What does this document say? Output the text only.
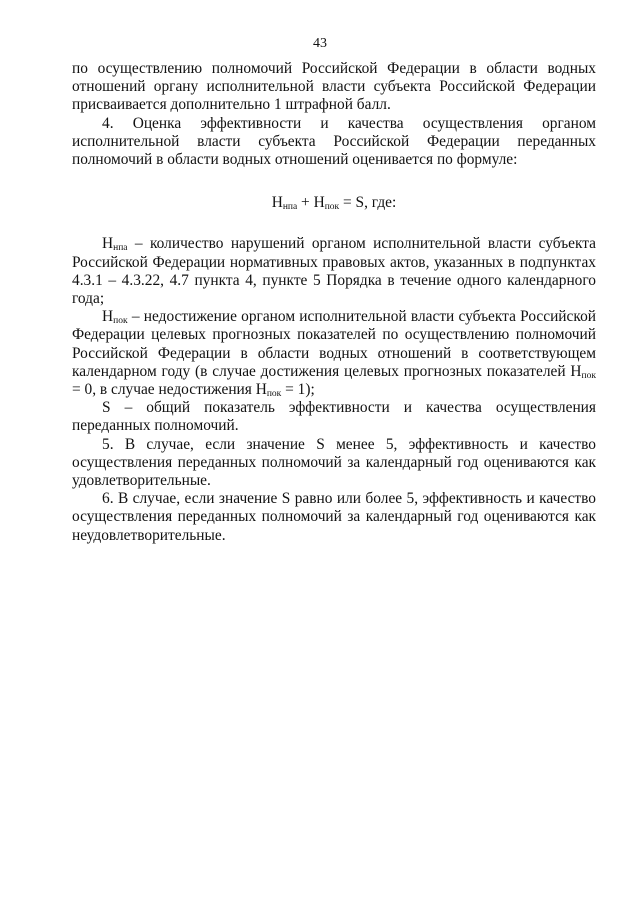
43

по осуществлению полномочий Российской Федерации в области водных отношений органу исполнительной власти субъекта Российской Федерации присваивается дополнительно 1 штрафной балл.

4. Оценка эффективности и качества осуществления органом исполнительной власти субъекта Российской Федерации переданных полномочий в области водных отношений оценивается по формуле:

$Н_{нпа} + Н_{пок} = S$, где:

$Н_{нпа}$ – количество нарушений органом исполнительной власти субъекта Российской Федерации нормативных правовых актов, указанных в подпунктах 4.3.1 – 4.3.22, 4.7 пункта 4, пункте 5 Порядка в течение одного календарного года;

$Н_{пок}$ – недостижение органом исполнительной власти субъекта Российской Федерации целевых прогнозных показателей по осуществлению полномочий Российской Федерации в области водных отношений в соответствующем календарном году (в случае достижения целевых прогнозных показателей $Н_{пок} = 0$, в случае недостижения $Н_{пок} = 1$);

S – общий показатель эффективности и качества осуществления переданных полномочий.

5. В случае, если значение S менее 5, эффективность и качество осуществления переданных полномочий за календарный год оцениваются как удовлетворительные.

6. В случае, если значение S равно или более 5, эффективность и качество осуществления переданных полномочий за календарный год оцениваются как неудовлетворительные.
